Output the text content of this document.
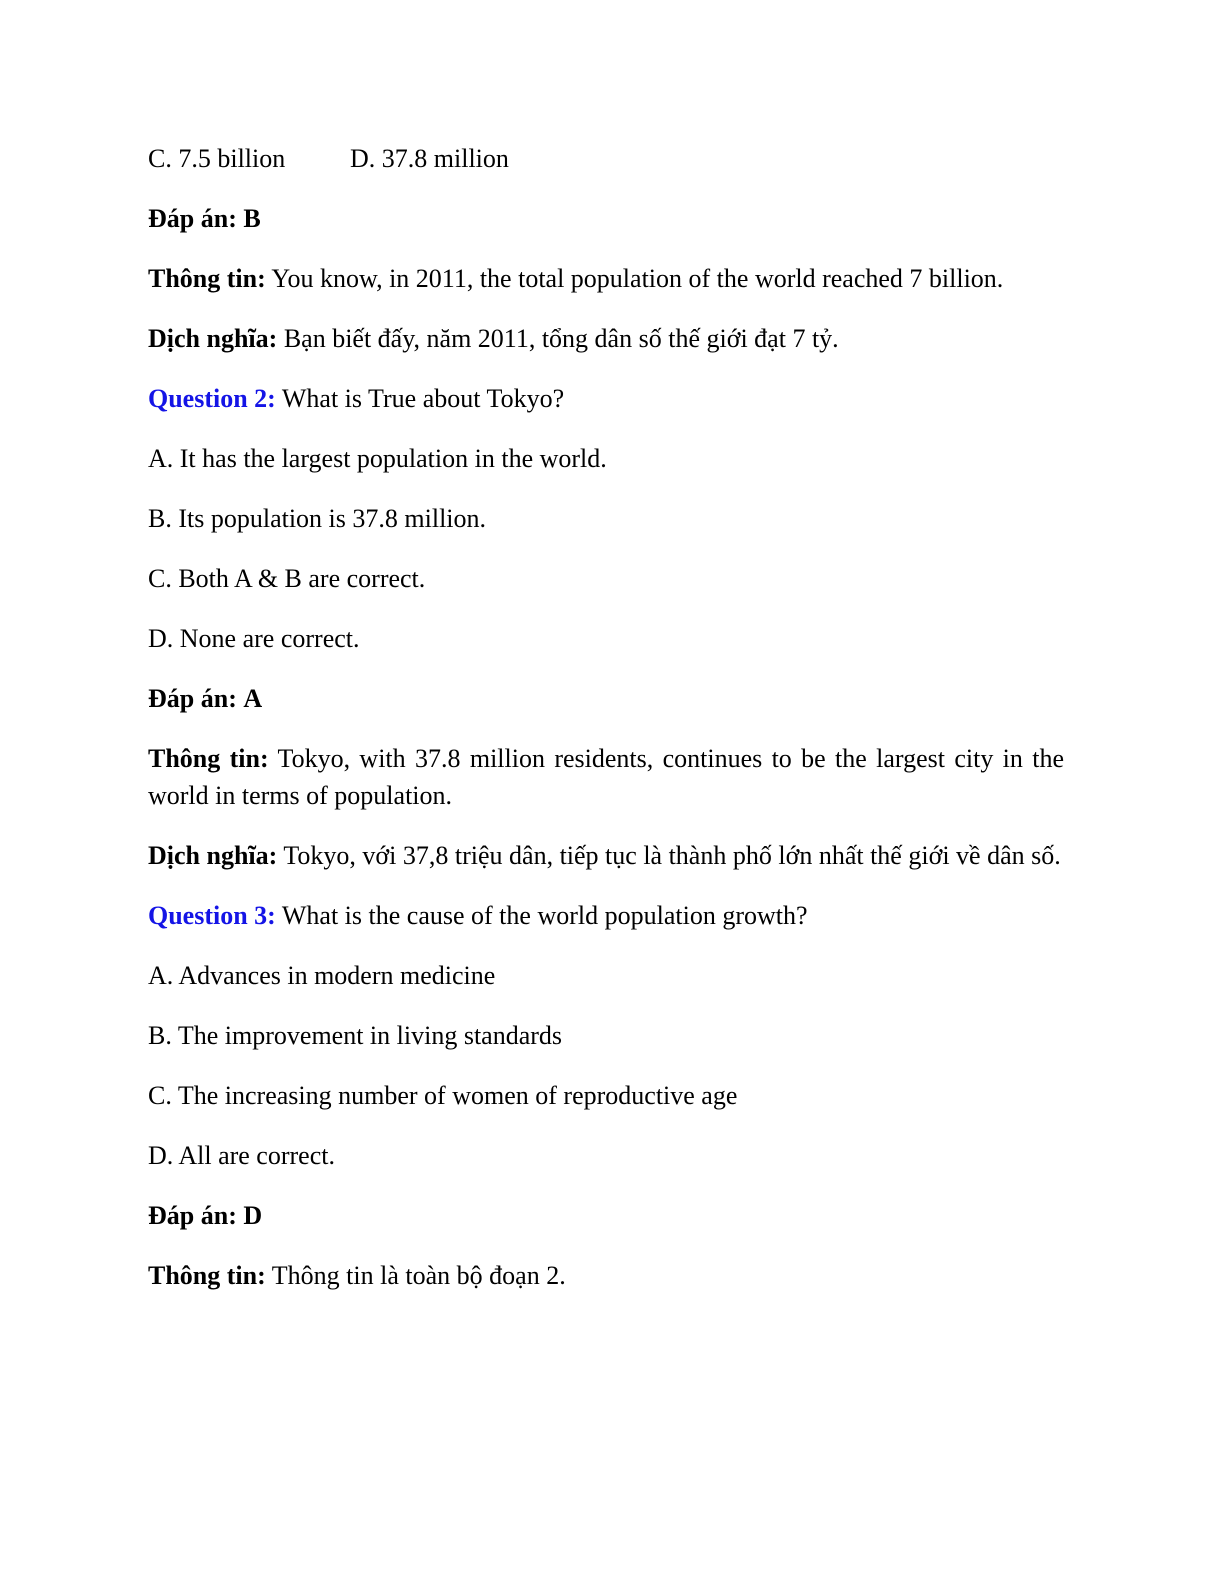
C. 7.5 billion D. 37.8 million

Đáp án: B

Thông tin: You know, in 2011, the total population of the world reached 7 billion.

Dịch nghĩa: Bạn biết đấy, năm 2011, tổng dân số thế giới đạt 7 tỷ.

Question 2: What is True about Tokyo?

A. It has the largest population in the world.

B. Its population is 37.8 million.

C. Both A & B are correct.

D. None are correct.

Đáp án: A

Thông tin: Tokyo, with 37.8 million residents, continues to be the largest city in the world in terms of population.

Dịch nghĩa: Tokyo, với 37,8 triệu dân, tiếp tục là thành phố lớn nhất thế giới về dân số.

Question 3: What is the cause of the world population growth?

A. Advances in modern medicine

B. The improvement in living standards

C. The increasing number of women of reproductive age

D. All are correct.

Đáp án: D

Thông tin: Thông tin là toàn bộ đoạn 2.
